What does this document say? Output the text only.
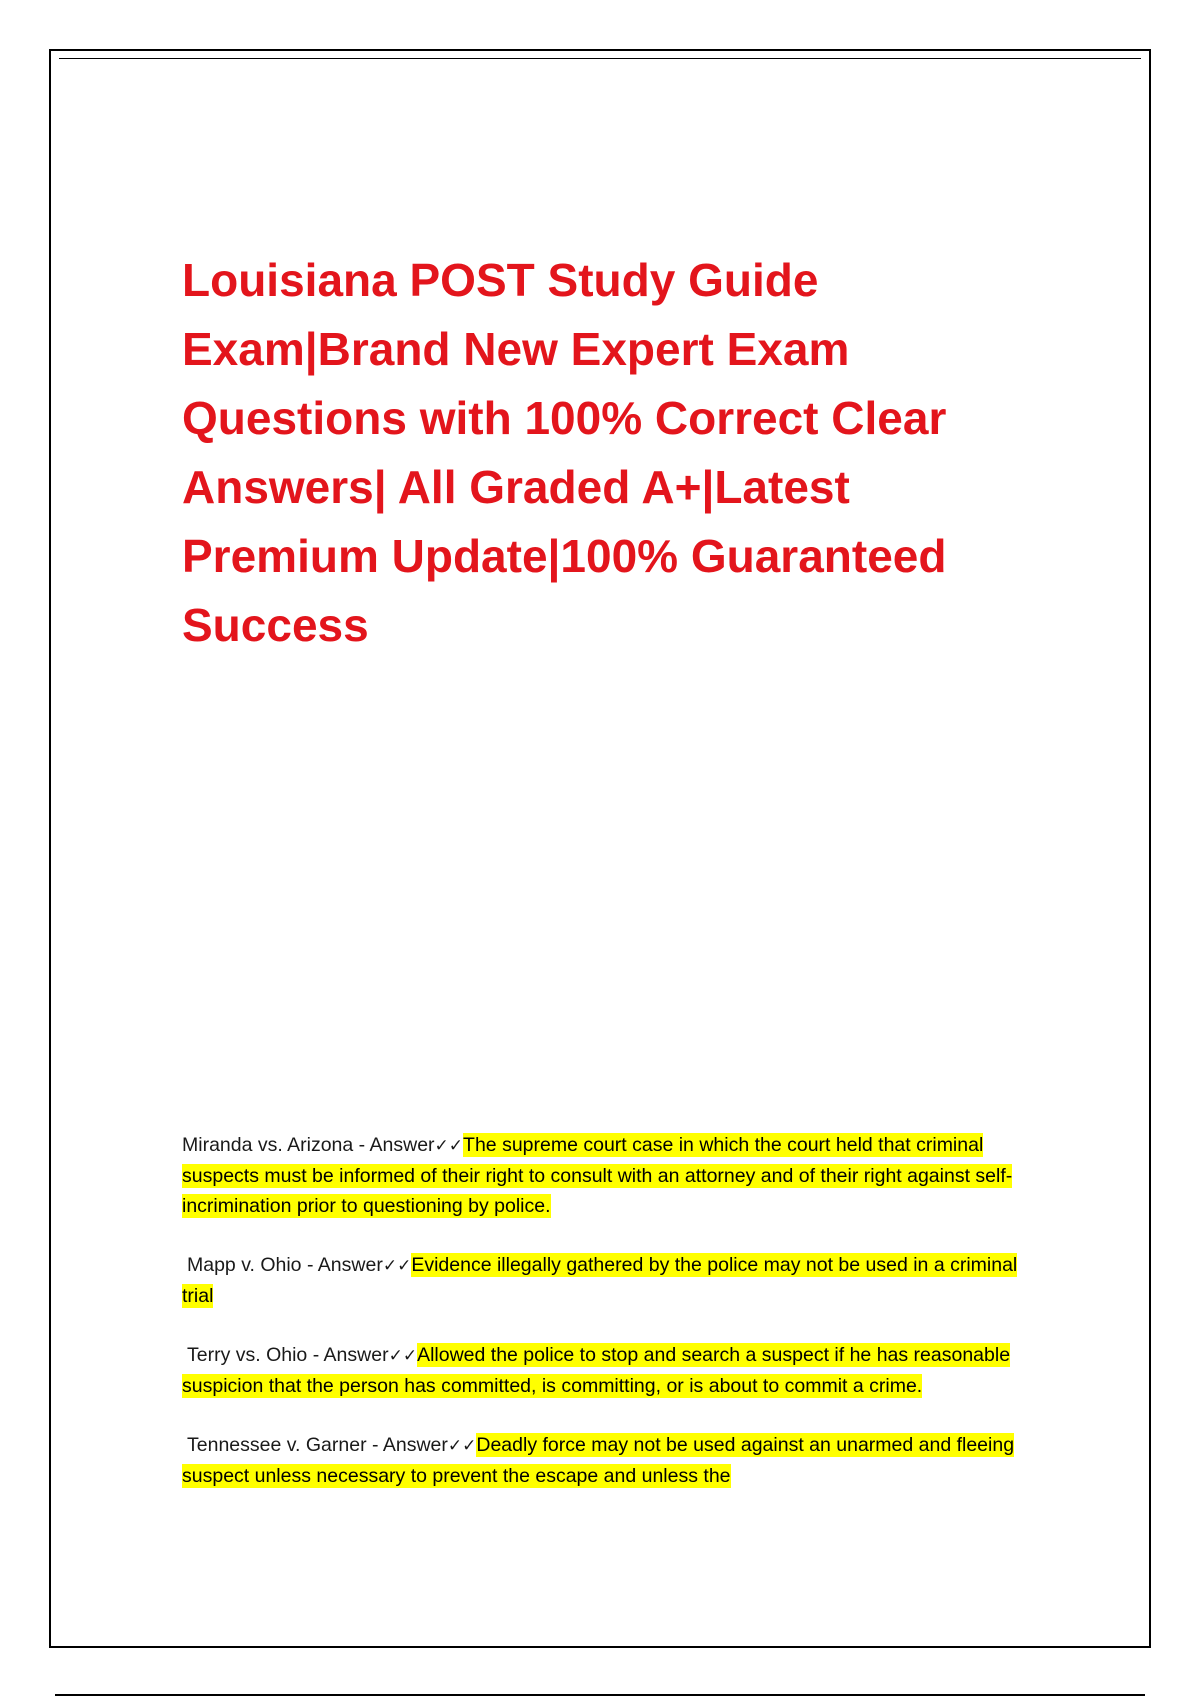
Louisiana POST Study Guide Exam|Brand New Expert Exam Questions with 100% Correct Clear Answers| All Graded A+|Latest Premium Update|100% Guaranteed Success

Miranda vs. Arizona - Answer✓✓The supreme court case in which the court held that criminal suspects must be informed of their right to consult with an attorney and of their right against self-incrimination prior to questioning by police.

Mapp v. Ohio - Answer✓✓Evidence illegally gathered by the police may not be used in a criminal trial

Terry vs. Ohio - Answer✓✓Allowed the police to stop and search a suspect if he has reasonable suspicion that the person has committed, is committing, or is about to commit a crime.

Tennessee v. Garner - Answer✓✓Deadly force may not be used against an unarmed and fleeing suspect unless necessary to prevent the escape and unless the
